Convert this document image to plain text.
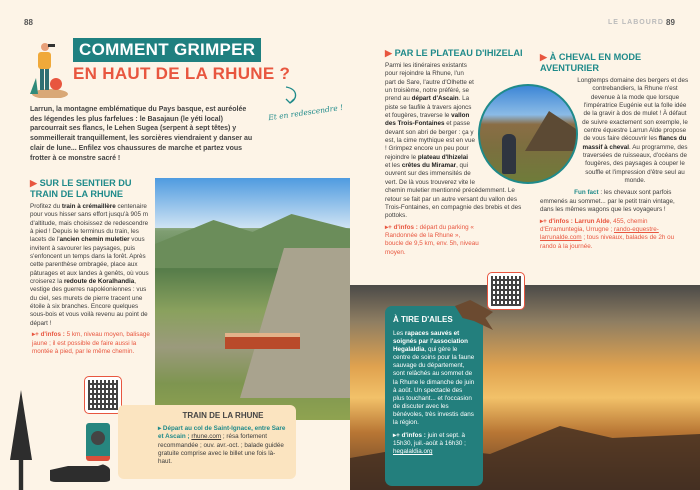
88
COMMENT GRIMPER
EN HAUT DE LA RHUNE ?
Et en redescendre !

Larrun, la montagne emblématique du Pays basque, est auréolée des légendes les plus farfelues : le Basajaun (le yéti local) parcourrait ses flancs, le Lehen Sugea (serpent à sept têtes) y sommeillerait tranquillement, les sorcières viendraient y danser au clair de lune... Enfilez vos chaussures de marche et partez vous frotter à ce monstre sacré !

▶ SUR LE SENTIER DU TRAIN DE LA RHUNE

Profitez du train à crémaillère centenaire pour vous hisser sans effort jusqu'à 905 m d'altitude, mais choisissez de redescendre à pied ! Depuis le terminus du train, les lacets de l'ancien chemin muletier vous invitent à savourer les paysages, puis s'enfoncent un temps dans la forêt. Après cette parenthèse ombragée, place aux pâturages et aux landes à genêts, où vous croiserez la redoute de Koralhandia, vestige des guerres napoléoniennes : vus du ciel, ses murets de pierre tracent une étoile à six branches. Encore quelques sous-bois et vous voilà revenu au point de départ !

▸+ d'infos : 5 km, niveau moyen, balisage jaune ; il est possible de faire aussi la montée à pied, par le même chemin.

TRAIN DE LA RHUNE

▸ Départ au col de Saint-Ignace, entre Sare et Ascain ; rhune.com ; résa fortement recommandée ; ouv. avr.-oct. ; balade guidée gratuite comprise avec le billet une fois là-haut.

LE LABOURD 89
▶ PAR LE PLATEAU D'IHIZELAI

Parmi les itinéraires existants pour rejoindre la Rhune, l'un part de Sare, l'autre d'Olhette et un troisième, notre préféré, se prend au départ d'Ascain. La piste se faufile à travers ajoncs et fougères, traverse le vallon des Trois-Fontaines et passe devant son abri de berger : ça y est, la cime mythique est en vue ! Grimpez encore un peu pour rejoindre le plateau d'Ihizelai et les crêtes du Miramar, qui ouvrent sur des immensités de vert. De là vous trouverez vite le chemin muletier mentionné précédemment. Le retour se fait par un autre versant du vallon des Trois-Fontaines, en compagnie des brebis et des pottoks.

▸+ d'infos : départ du parking « Randonnée de la Rhune », boucle de 9,5 km, env. 5h, niveau moyen.

▶ À CHEVAL EN MODE AVENTURIER

Longtemps domaine des bergers et des contrebandiers, la Rhune n'est devenue à la mode que lorsque l'impératrice Eugénie eut la folle idée de la gravir à dos de mulet ! À défaut de suivre exactement son exemple, le centre équestre Larrun Alde propose de vous faire découvrir les flancs du massif à cheval. Au programme, des traversées de ruisseaux, d'océans de fougères, des paysages à couper le souffle et l'impression d'être seul au monde.

Fun fact : les chevaux sont parfois emmenés au sommet... par le petit train vintage, dans les mêmes wagons que les voyageurs !

▸+ d'infos : Larrun Alde, 455, chemin d'Erramuntegia, Urrugne ; rando-equestre-larrunalde.com ; tous niveaux, balades de 2h ou rando à la journée.

À TIRE D'AILES

Les rapaces sauvés et soignés par l'association Hegalaldia, qui gère le centre de soins pour la faune sauvage du département, sont relâchés au sommet de la Rhune le dimanche de juin à août. Un spectacle des plus touchant... et l'occasion de discuter avec les bénévoles, très investis dans la région.

▸+ d'infos : juin et sept. à 15h30, juil.-août à 16h30 ; hegalaldia.org
